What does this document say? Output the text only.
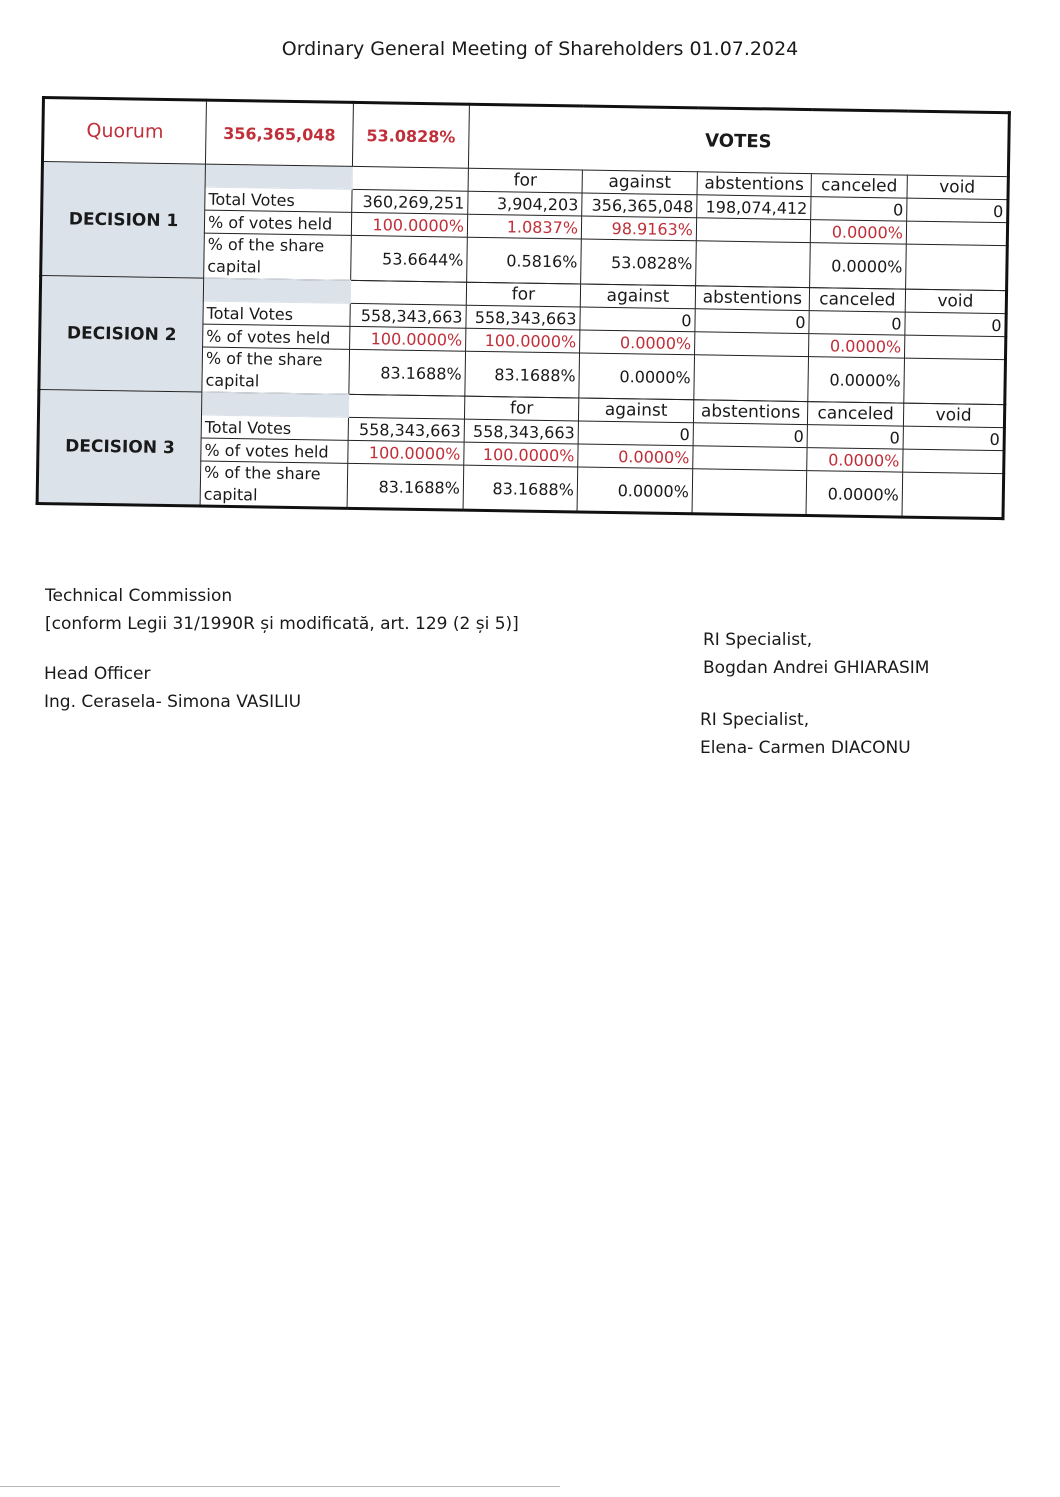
Ordinary General Meeting of Shareholders 01.07.2024
Quorum	356,365,048	53.0828%	VOTES				
DECISION 1			for	against	abstentions	canceled	void
	Total Votes	360,269,251	3,904,203	356,365,048	198,074,412	0	0
	% of votes held	100.0000%	1.0837%	98.9163%		0.0000%	
	% of the share capital	53.6644%	0.5816%	53.0828%		0.0000%	

DECISION 2			for	against	abstentions	canceled	void
	Total Votes	558,343,663	558,343,663	0	0	0	0
	% of votes held	100.0000%	100.0000%	0.0000%		0.0000%	
	% of the share capital	83.1688%	83.1688%	0.0000%		0.0000%	

DECISION 3			for	against	abstentions	canceled	void
	Total Votes	558,343,663	558,343,663	0	0	0	0
	% of votes held	100.0000%	100.0000%	0.0000%		0.0000%	
	% of the share capital	83.1688%	83.1688%	0.0000%		0.0000%	

Technical Commission
[conform Legii 31/1990R și modificată, art. 129 (2 și 5)]
Head Officer
Ing. Cerasela- Simona VASILIU
RI Specialist,
Bogdan Andrei GHIARASIM
RI Specialist,
Elena- Carmen DIACONU
